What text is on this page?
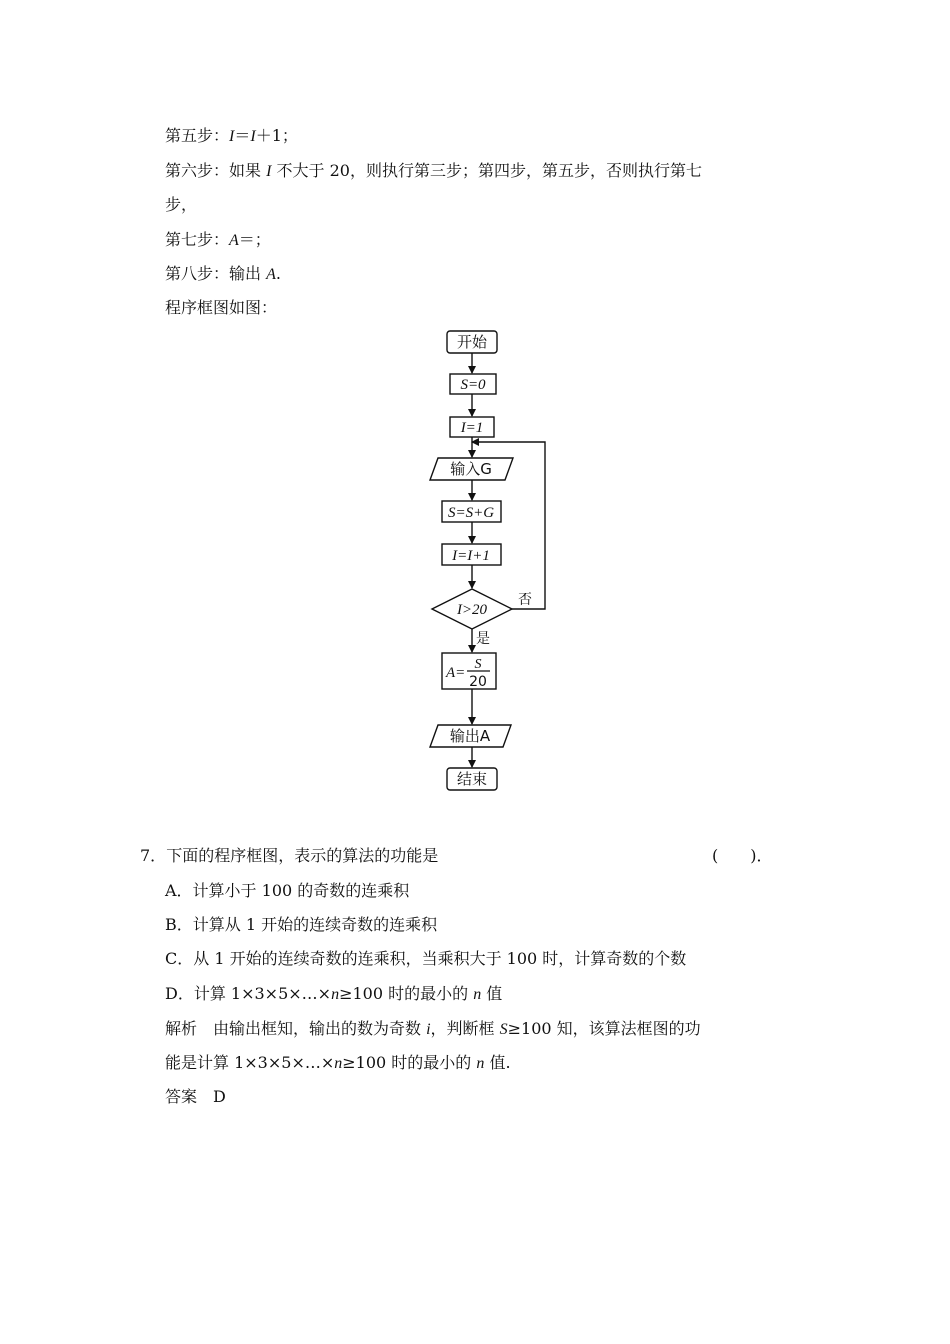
第五步：I＝I＋1；
第六步：如果 I 不大于 20，则执行第三步；第四步，第五步，否则执行第七
步，
第七步：A＝；
第八步：输出 A.
程序框图如图：
开始
S=0
I=1
输入G
S=S+G
I=I+1
I>20
否
是
A=
S
20
输出A
结束
7．下面的程序框图，表示的算法的功能是	(　　)．
A．计算小于 100 的奇数的连乘积
B．计算从 1 开始的连续奇数的连乘积
C．从 1 开始的连续奇数的连乘积，当乘积大于 100 时，计算奇数的个数
D．计算 1×3×5×…×n≥100 时的最小的 n 值
解析　由输出框知，输出的数为奇数 i，判断框 S≥100 知，该算法框图的功
能是计算 1×3×5×…×n≥100 时的最小的 n 值.
答案 D
